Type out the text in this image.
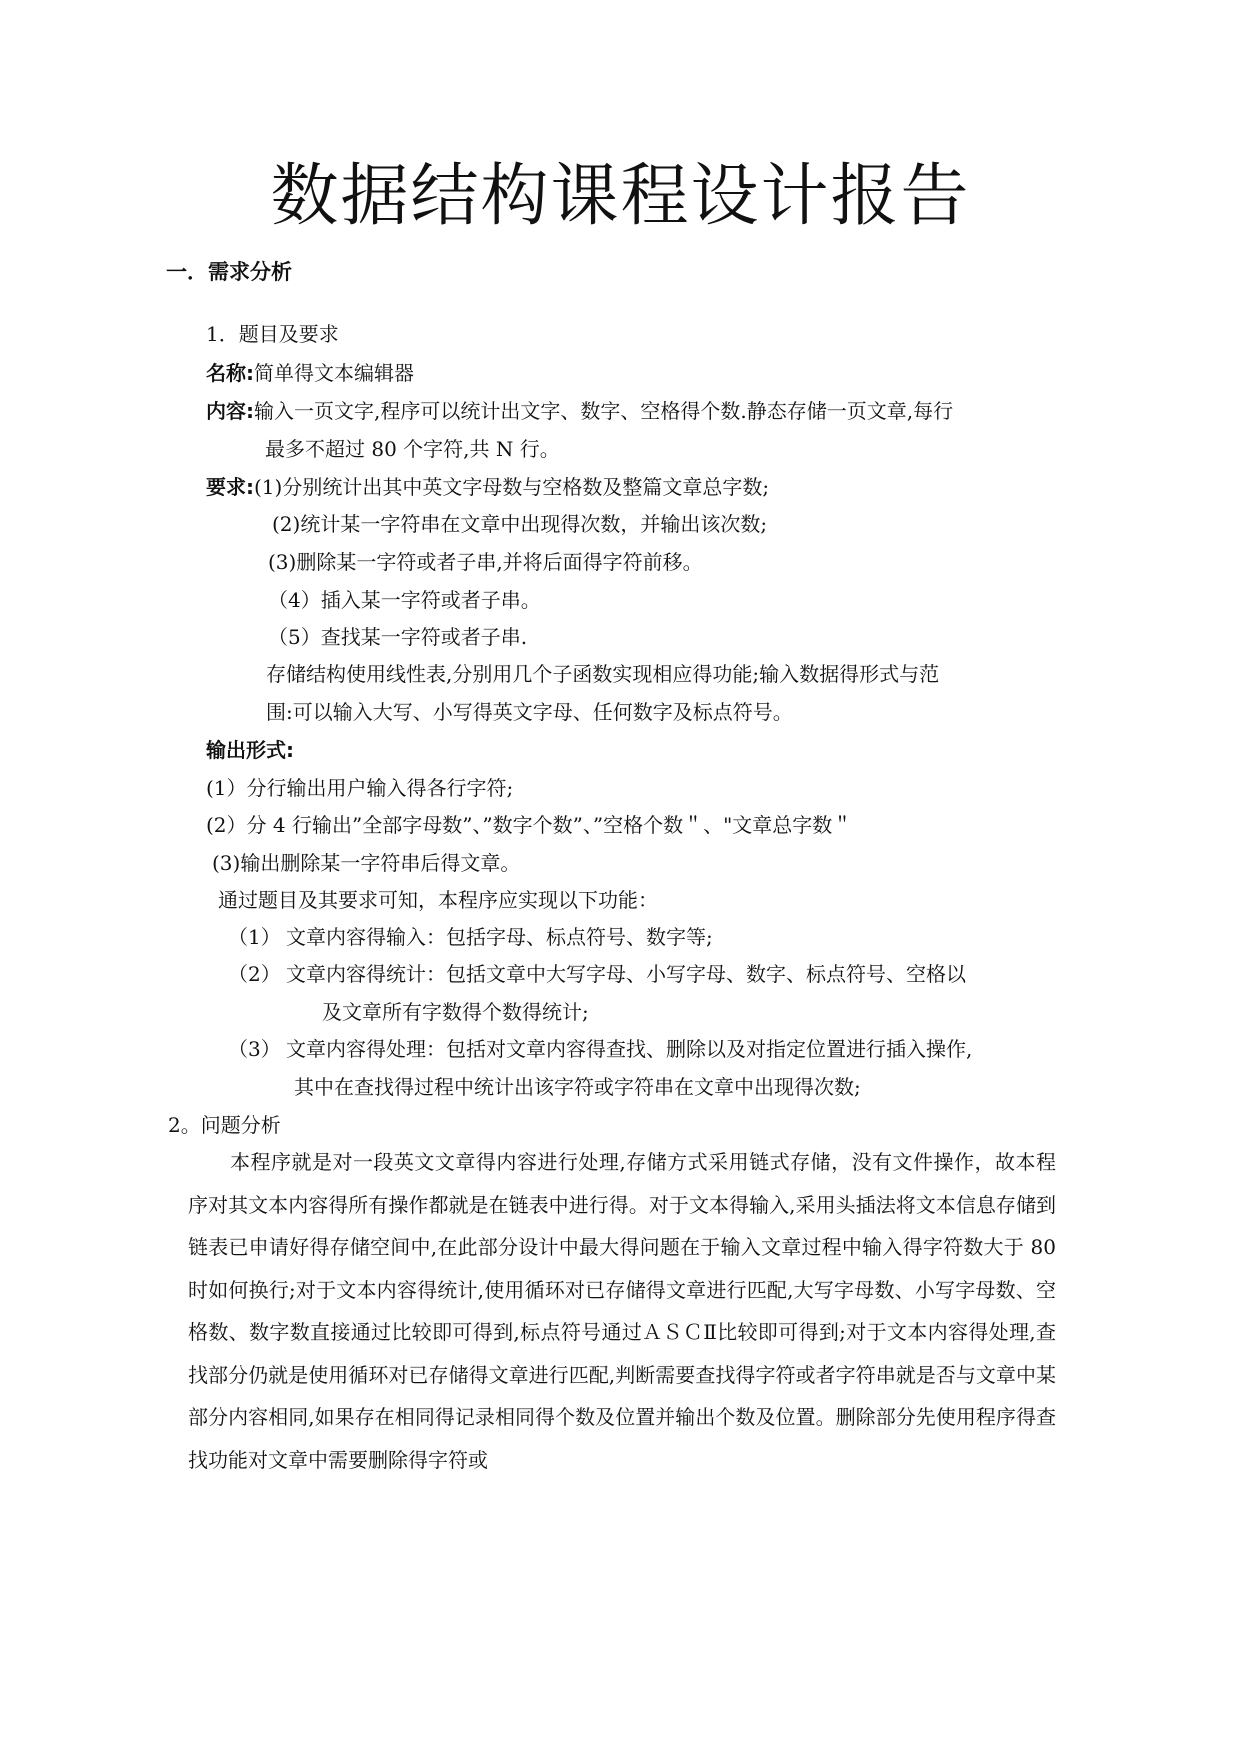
数据结构课程设计报告
一．需求分析
1．题目及要求
名称:简单得文本编辑器
内容:输入一页文字,程序可以统计出文字、数字、空格得个数.静态存储一页文章,每行
最多不超过 80 个字符,共 N 行。
要求:(1)分别统计出其中英文字母数与空格数及整篇文章总字数;
(2)统计某一字符串在文章中出现得次数，并输出该次数;
(3)删除某一字符或者子串,并将后面得字符前移。
（4）插入某一字符或者子串。
（5）查找某一字符或者子串.
存储结构使用线性表,分别用几个子函数实现相应得功能;输入数据得形式与范
围:可以输入大写、小写得英文字母、任何数字及标点符号。
输出形式:
(1）分行输出用户输入得各行字符;
(2）分 4 行输出”全部字母数”、”数字个数”、”空格个数＂、"文章总字数＂
(3)输出删除某一字符串后得文章。
通过题目及其要求可知，本程序应实现以下功能：
（1） 文章内容得输入：包括字母、标点符号、数字等;
（2） 文章内容得统计：包括文章中大写字母、小写字母、数字、标点符号、空格以
及文章所有字数得个数得统计;
（3） 文章内容得处理：包括对文章内容得查找、删除以及对指定位置进行插入操作,
其中在查找得过程中统计出该字符或字符串在文章中出现得次数;
2。问题分析
本程序就是对一段英文文章得内容进行处理,存储方式采用链式存储，没有文件操作，故本程序对其文本内容得所有操作都就是在链表中进行得。对于文本得输入,采用头插法将文本信息存储到链表已申请好得存储空间中,在此部分设计中最大得问题在于输入文章过程中输入得字符数大于 80 时如何换行;对于文本内容得统计,使用循环对已存储得文章进行匹配,大写字母数、小写字母数、空格数、数字数直接通过比较即可得到,标点符号通过ＡＳＣⅡ比较即可得到;对于文本内容得处理,查找部分仍就是使用循环对已存储得文章进行匹配,判断需要查找得字符或者字符串就是否与文章中某部分内容相同,如果存在相同得记录相同得个数及位置并输出个数及位置。删除部分先使用程序得查找功能对文章中需要删除得字符或
